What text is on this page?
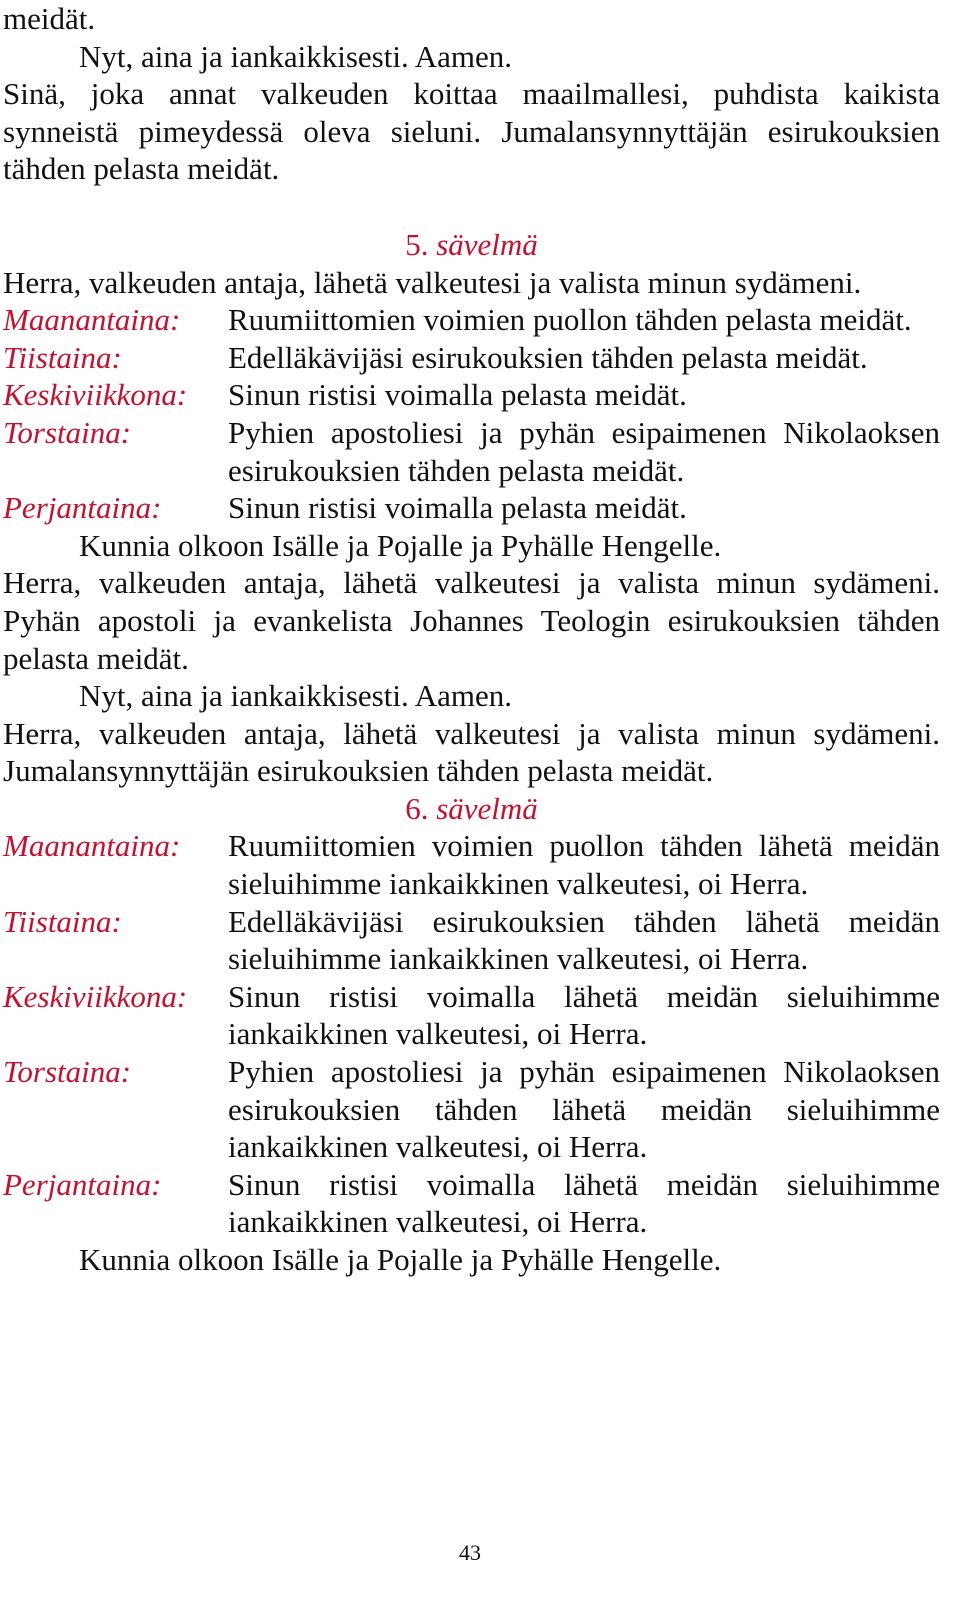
meidät.

Nyt, aina ja iankaikkisesti. Aamen.

Sinä, joka annat valkeuden koittaa maailmallesi, puhdista kaikista synneistä pimeydessä oleva sieluni. Jumalansynnyttäjän esirukouksien tähden pelasta meidät.

5. sävelmä

Herra, valkeuden antaja, lähetä valkeutesi ja valista minun sydämeni.

Maanantaina:	Ruumiittomien voimien puollon tähden pelasta meidät.
Tiistaina:	Edelläkävijäsi esirukouksien tähden pelasta meidät.
Keskiviikkona:	Sinun ristisi voimalla pelasta meidät.
Torstaina:	Pyhien apostoliesi ja pyhän esipaimenen Nikolaoksen esirukouksien tähden pelasta meidät.
Perjantaina:	Sinun ristisi voimalla pelasta meidät.

Kunnia olkoon Isälle ja Pojalle ja Pyhälle Hengelle.

Herra, valkeuden antaja, lähetä valkeutesi ja valista minun sydämeni. Pyhän apostoli ja evankelista Johannes Teologin esirukouksien tähden pelasta meidät.

Nyt, aina ja iankaikkisesti. Aamen.

Herra, valkeuden antaja, lähetä valkeutesi ja valista minun sydämeni. Jumalansynnyttäjän esirukouksien tähden pelasta meidät.

6. sävelmä
Maanantaina:	Ruumiittomien voimien puollon tähden lähetä meidän sieluihimme iankaikkinen valkeutesi, oi Herra.
Tiistaina:	Edelläkävijäsi esirukouksien tähden lähetä meidän sieluihimme iankaikkinen valkeutesi, oi Herra.
Keskiviikkona:	Sinun ristisi voimalla lähetä meidän sieluihimme iankaikkinen valkeutesi, oi Herra.
Torstaina:	Pyhien apostoliesi ja pyhän esipaimenen Nikolaoksen esirukouksien tähden lähetä meidän sieluihimme iankaikkinen valkeutesi, oi Herra.
Perjantaina:	Sinun ristisi voimalla lähetä meidän sieluihimme iankaikkinen valkeutesi, oi Herra.

Kunnia olkoon Isälle ja Pojalle ja Pyhälle Hengelle.

43
